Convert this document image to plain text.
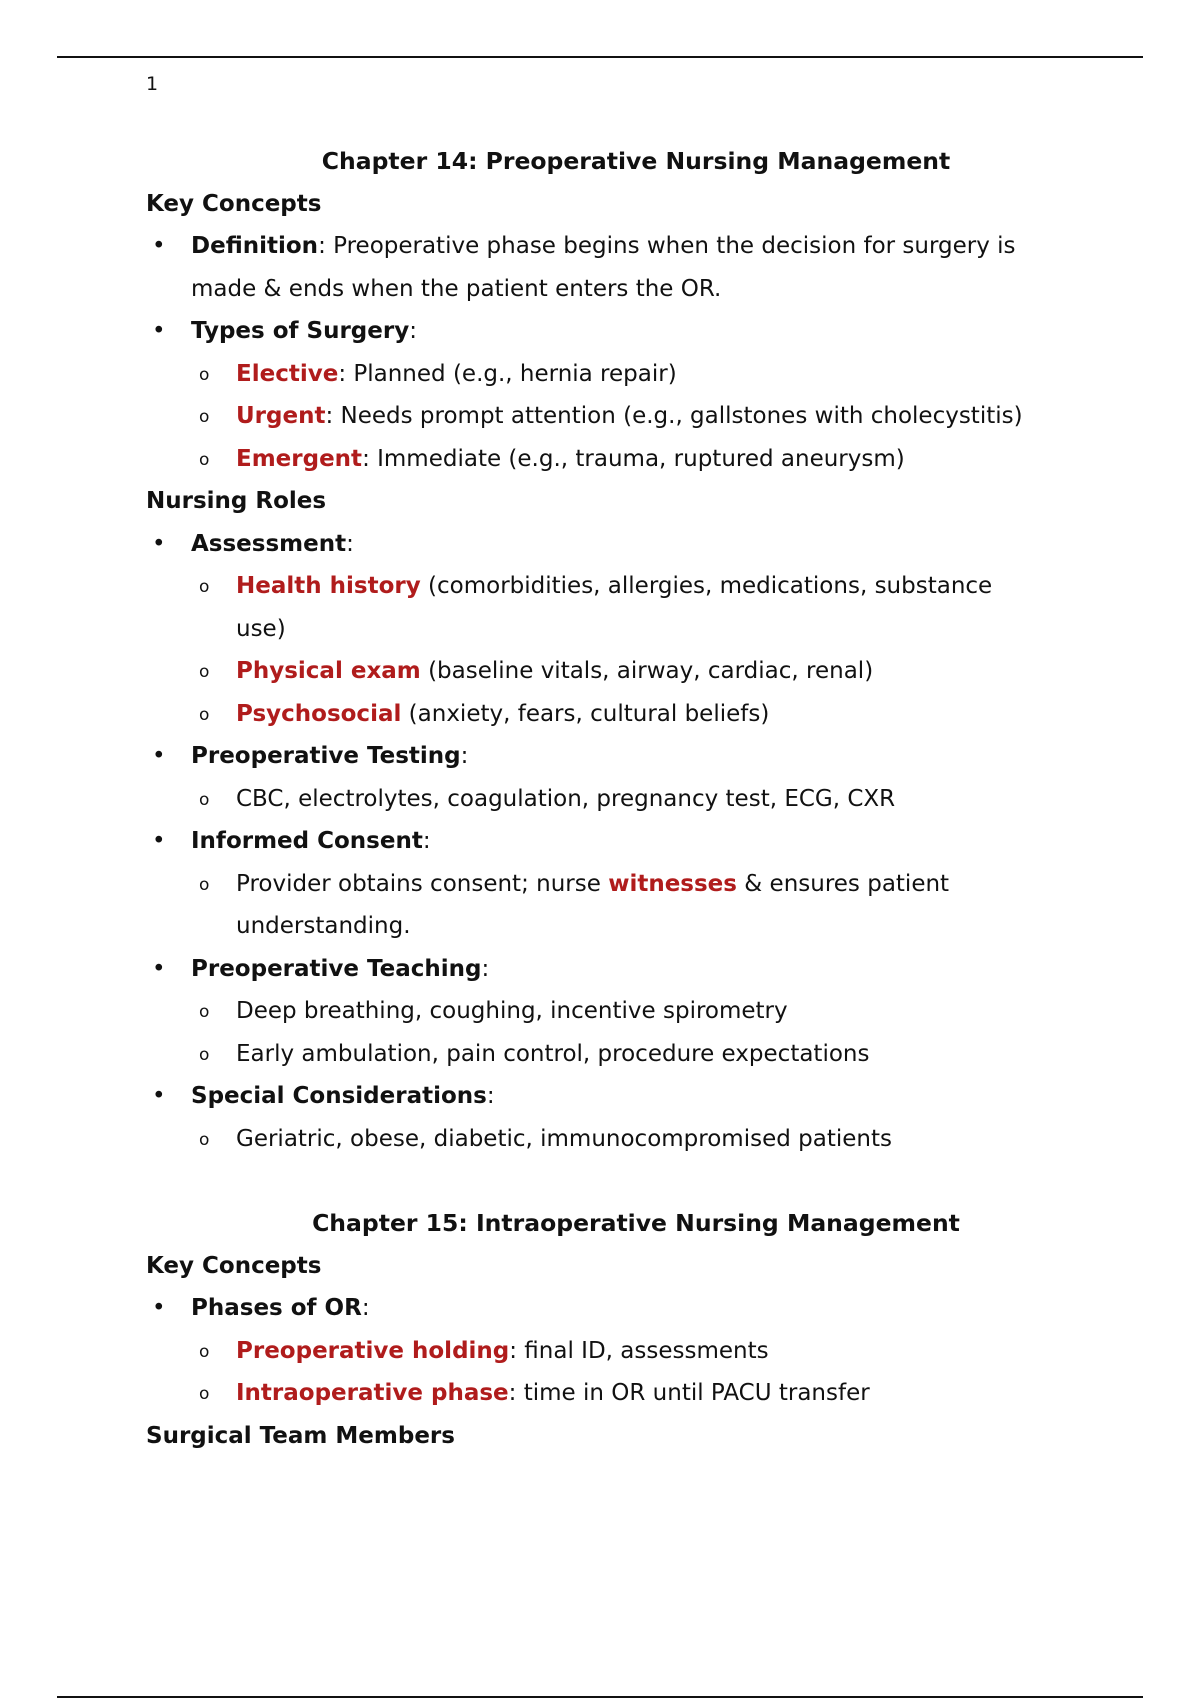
1
Chapter 14: Preoperative Nursing Management
Key Concepts
• Definition: Preoperative phase begins when the decision for surgery is
made & ends when the patient enters the OR.
• Types of Surgery:
o Elective: Planned (e.g., hernia repair)
o Urgent: Needs prompt attention (e.g., gallstones with cholecystitis)
o Emergent: Immediate (e.g., trauma, ruptured aneurysm)
Nursing Roles
• Assessment:
o Health history (comorbidities, allergies, medications, substance
use)
o Physical exam (baseline vitals, airway, cardiac, renal)
o Psychosocial (anxiety, fears, cultural beliefs)
• Preoperative Testing:
o CBC, electrolytes, coagulation, pregnancy test, ECG, CXR
• Informed Consent:
o Provider obtains consent; nurse witnesses & ensures patient
understanding.
• Preoperative Teaching:
o Deep breathing, coughing, incentive spirometry
o Early ambulation, pain control, procedure expectations
• Special Considerations:
o Geriatric, obese, diabetic, immunocompromised patients
Chapter 15: Intraoperative Nursing Management
Key Concepts
• Phases of OR:
o Preoperative holding: final ID, assessments
o Intraoperative phase: time in OR until PACU transfer
Surgical Team Members
